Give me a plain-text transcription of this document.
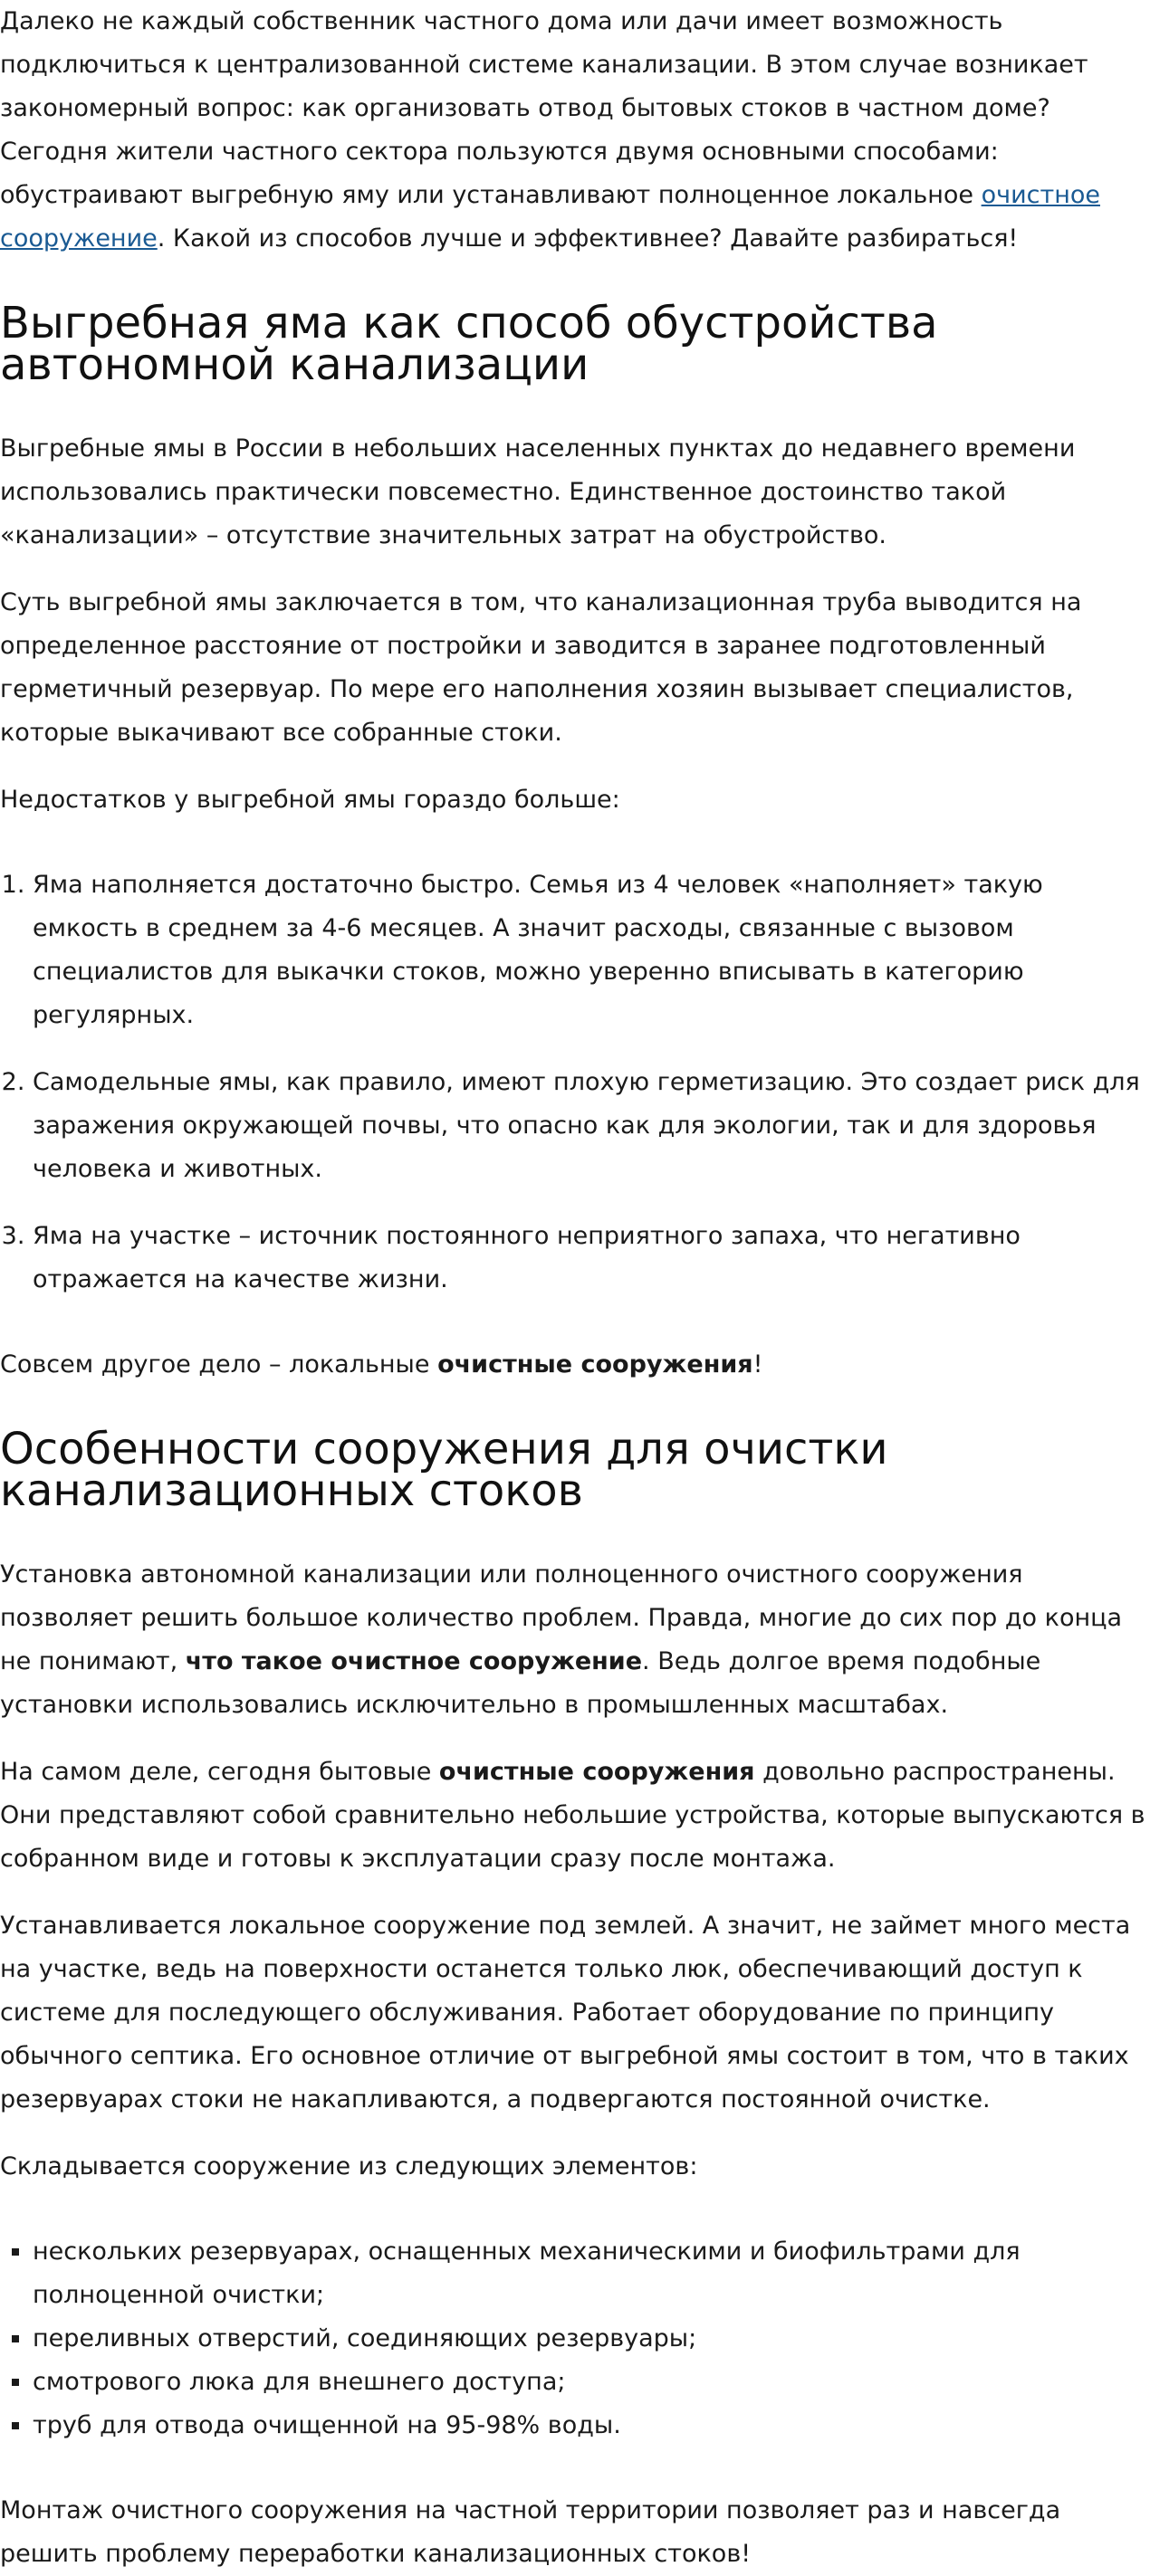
Далеко не каждый собственник частного дома или дачи имеет возможность подключиться к централизованной системе канализации. В этом случае возникает закономерный вопрос: как организовать отвод бытовых стоков в частном доме? Сегодня жители частного сектора пользуются двумя основными способами: обустраивают выгребную яму или устанавливают полноценное локальное очистное сооружение. Какой из способов лучше и эффективнее? Давайте разбираться!

Выгребная яма как способ обустройства автономной канализации

Выгребные ямы в России в небольших населенных пунктах до недавнего времени использовались практически повсеместно. Единственное достоинство такой «канализации» – отсутствие значительных затрат на обустройство.

Суть выгребной ямы заключается в том, что канализационная труба выводится на определенное расстояние от постройки и заводится в заранее подготовленный герметичный резервуар. По мере его наполнения хозяин вызывает специалистов, которые выкачивают все собранные стоки.

Недостатков у выгребной ямы гораздо больше:

1. Яма наполняется достаточно быстро. Семья из 4 человек «наполняет» такую емкость в среднем за 4-6 месяцев. А значит расходы, связанные с вызовом специалистов для выкачки стоков, можно уверенно вписывать в категорию регулярных.
2. Самодельные ямы, как правило, имеют плохую герметизацию. Это создает риск для заражения окружающей почвы, что опасно как для экологии, так и для здоровья человека и животных.
3. Яма на участке – источник постоянного неприятного запаха, что негативно отражается на качестве жизни.

Совсем другое дело – локальные очистные сооружения!

Особенности сооружения для очистки канализационных стоков

Установка автономной канализации или полноценного очистного сооружения позволяет решить большое количество проблем. Правда, многие до сих пор до конца не понимают, что такое очистное сооружение. Ведь долгое время подобные установки использовались исключительно в промышленных масштабах.

На самом деле, сегодня бытовые очистные сооружения довольно распространены. Они представляют собой сравнительно небольшие устройства, которые выпускаются в собранном виде и готовы к эксплуатации сразу после монтажа.

Устанавливается локальное сооружение под землей. А значит, не займет много места на участке, ведь на поверхности останется только люк, обеспечивающий доступ к системе для последующего обслуживания. Работает оборудование по принципу обычного септика. Его основное отличие от выгребной ямы состоит в том, что в таких резервуарах стоки не накапливаются, а подвергаются постоянной очистке.

Складывается сооружение из следующих элементов:

▪ нескольких резервуарах, оснащенных механическими и биофильтрами для полноценной очистки;
▪ переливных отверстий, соединяющих резервуары;
▪ смотрового люка для внешнего доступа;
▪ труб для отвода очищенной на 95-98% воды.

Монтаж очистного сооружения на частной территории позволяет раз и навсегда решить проблему переработки канализационных стоков!
